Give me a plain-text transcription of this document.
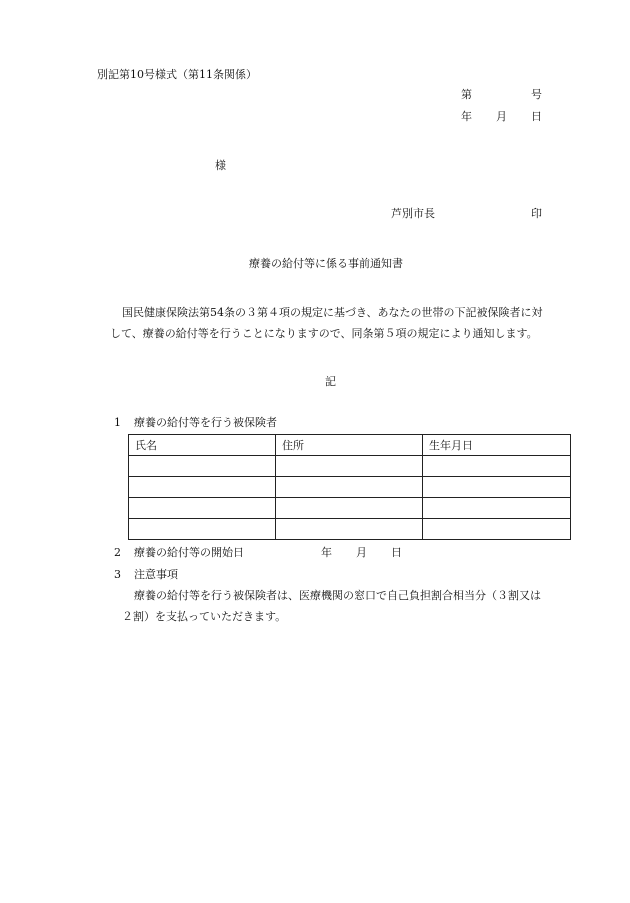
別記第10号様式（第11条関係）
第	号
年 月 日
様
芦別市長	印
療養の給付等に係る事前通知書
国民健康保険法第54条の３第４項の規定に基づき、あなたの世帯の下記被保険者に対
して、療養の給付等を行うことになりますので、同条第５項の規定により通知します。
記
1 療養の給付等を行う被保険者
氏名	住所	生年月日

2 療養の給付等の開始日	年 月 日
3 注意事項
療養の給付等を行う被保険者は、医療機関の窓口で自己負担割合相当分（３割又は
２割）を支払っていただきます。
